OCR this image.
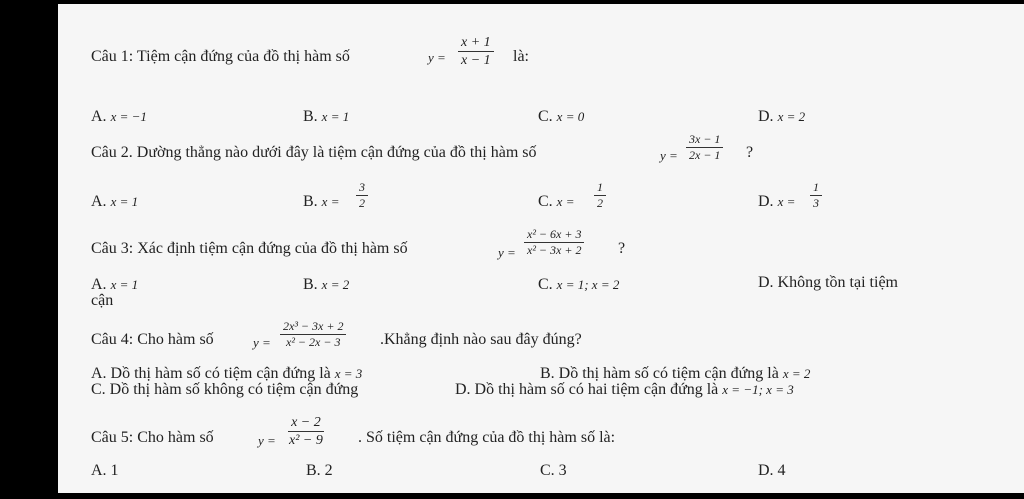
Câu 1: Tiệm cận đứng của đồ thị hàm số	$y = \frac{x + 1}{x - 1}$ là:
A. x = −1	B. x = 1	C. x = 0	D. x = 2
Câu 2. Dường thẳng nào dưới đây là tiệm cận đứng của đồ thị hàm số	$y = \frac{3x - 1}{2x - 1}$ ?
A. x = 1	B. $x = \frac{3}{2}$	C. $x = \frac{1}{2}$	D. $x = \frac{1}{3}$
Câu 3: Xác định tiệm cận đứng của đồ thị hàm số	$y = \frac{\text{x² − 6x + 3}}{\text{x² − 3x + 2}}$ ?
A. x = 1	B. x = 2	C. x = 1; x = 2	D. Không tồn tại tiệm
cận
Câu 4: Cho hàm số	$y = \frac{\text{2x³ − 3x + 2}}{\text{x² − 2x − 3}}$ .Khẳng định nào sau đây đúng?
A. Dồ thị hàm số có tiệm cận đứng là x = 3	B. Dồ thị hàm số có tiệm cận đứng là x = 2
C. Dồ thị hàm số không có tiệm cận đứng	D. Dồ thị hàm số có hai tiệm cận đứng là x = −1; x = 3
Câu 5: Cho hàm số	$y = \frac{x - 2}{\text{x² − 9}}$ . Số tiệm cận đứng của đồ thị hàm số là:
A. 1	B. 2	C. 3	D. 4
